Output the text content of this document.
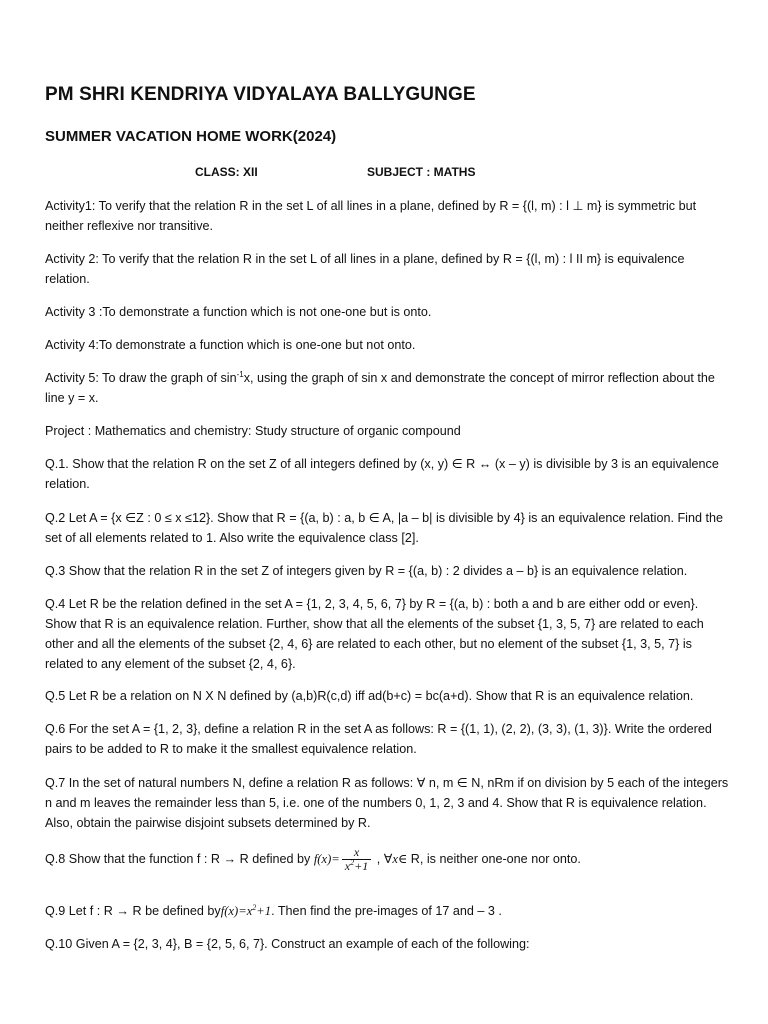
PM SHRI KENDRIYA VIDYALAYA BALLYGUNGE
SUMMER VACATION HOME WORK(2024)
CLASS: XII	SUBJECT : MATHS

Activity1: To verify that the relation R in the set L of all lines in a plane, defined by R = {(l, m) : l ⊥ m} is symmetric but neither reflexive nor transitive.

Activity 2: To verify that the relation R in the set L of all lines in a plane, defined by R = {(l, m) : l II m} is equivalence relation.

Activity 3 :To demonstrate a function which is not one-one but is onto.

Activity 4:To demonstrate a function which is one-one but not onto.

Activity 5: To draw the graph of $\sin^{-1}x$, using the graph of sin x and demonstrate the concept of mirror reflection about the line y = x.

Project : Mathematics and chemistry: Study structure of organic compound

Q.1. Show that the relation R on the set Z of all integers defined by (x, y) ∈ R ↔ (x – y) is divisible by 3 is an equivalence relation.

Q.2 Let A = {x ∈Z : 0 ≤ x ≤12}. Show that R = {(a, b) : a, b ∈ A, |a – b| is divisible by 4} is an equivalence relation. Find the set of all elements related to 1. Also write the equivalence class [2].

Q.3 Show that the relation R in the set Z of integers given by R = {(a, b) : 2 divides a – b} is an equivalence relation.

Q.4 Let R be the relation defined in the set A = {1, 2, 3, 4, 5, 6, 7} by R = {(a, b) : both a and b are either odd or even}. Show that R is an equivalence relation. Further, show that all the elements of the subset {1, 3, 5, 7} are related to each other and all the elements of the subset {2, 4, 6} are related to each other, but no element of the subset {1, 3, 5, 7} is related to any element of the subset {2, 4, 6}.

Q.5 Let R be a relation on N X N defined by (a,b)R(c,d) iff ad(b+c) = bc(a+d). Show that R is an equivalence relation.

Q.6 For the set A = {1, 2, 3}, define a relation R in the set A as follows: R = {(1, 1), (2, 2), (3, 3), (1, 3)}. Write the ordered pairs to be added to R to make it the smallest equivalence relation.

Q.7 In the set of natural numbers N, define a relation R as follows: ∀ n, m ∈ N, nRm if on division by 5 each of the integers n and m leaves the remainder less than 5, i.e. one of the numbers 0, 1, 2, 3 and 4. Show that R is equivalence relation. Also, obtain the pairwise disjoint subsets determined by R.

Q.8 Show that the function f : R → R defined by $f(x)= \frac{x}{x^2+1}$ , ∀x∈ R, is neither one-one nor onto.

Q.9 Let f : R → R be defined $byf(x)=x^2+1$. Then find the pre-images of 17 and – 3 .

Q.10 Given A = {2, 3, 4}, B = {2, 5, 6, 7}. Construct an example of each of the following:
